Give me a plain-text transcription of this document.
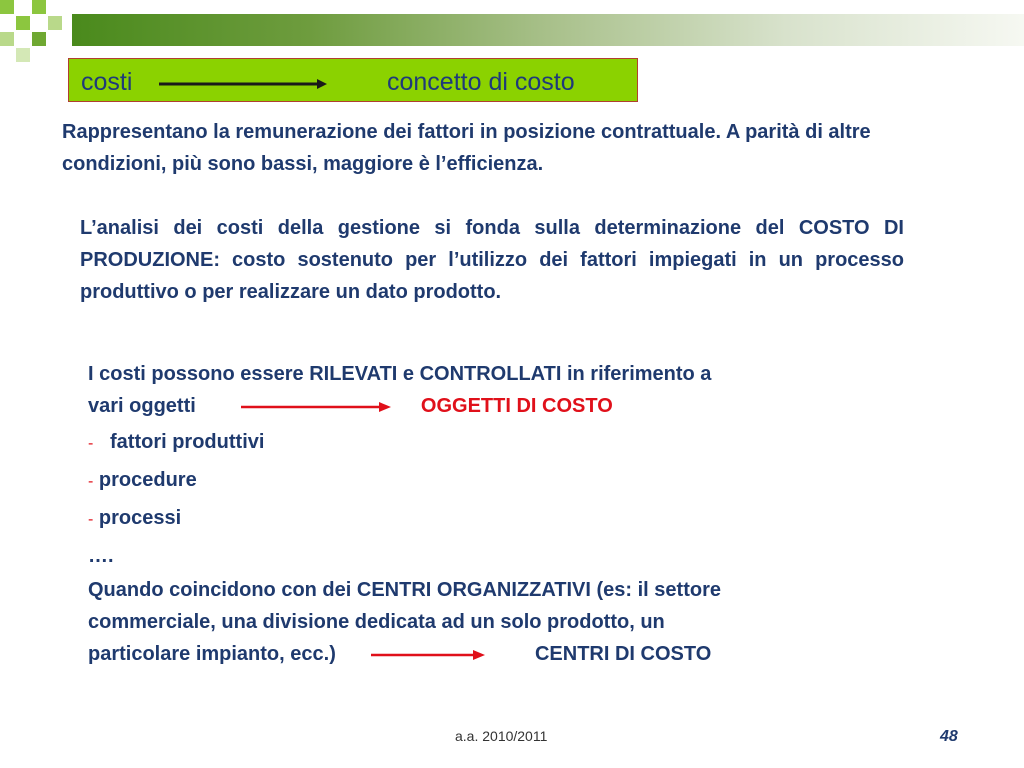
costi	concetto di costo
Rappresentano la remunerazione dei fattori in posizione contrattuale. A parità di altre condizioni, più sono bassi, maggiore è l’efficienza.
L’analisi dei costi della gestione si fonda sulla determinazione del COSTO DI PRODUZIONE: costo sostenuto per l’utilizzo dei fattori impiegati in un processo produttivo o per realizzare un dato prodotto.
I costi possono essere RILEVATI e CONTROLLATI in riferimento a
vari oggetti	OGGETTI DI COSTO
- fattori produttivi
- procedure
- processi
….
Quando coincidono con dei CENTRI ORGANIZZATIVI (es: il settore
commerciale, una divisione dedicata ad un solo prodotto, un
particolare impianto, ecc.)	CENTRI DI COSTO
a.a. 2010/2011	48
